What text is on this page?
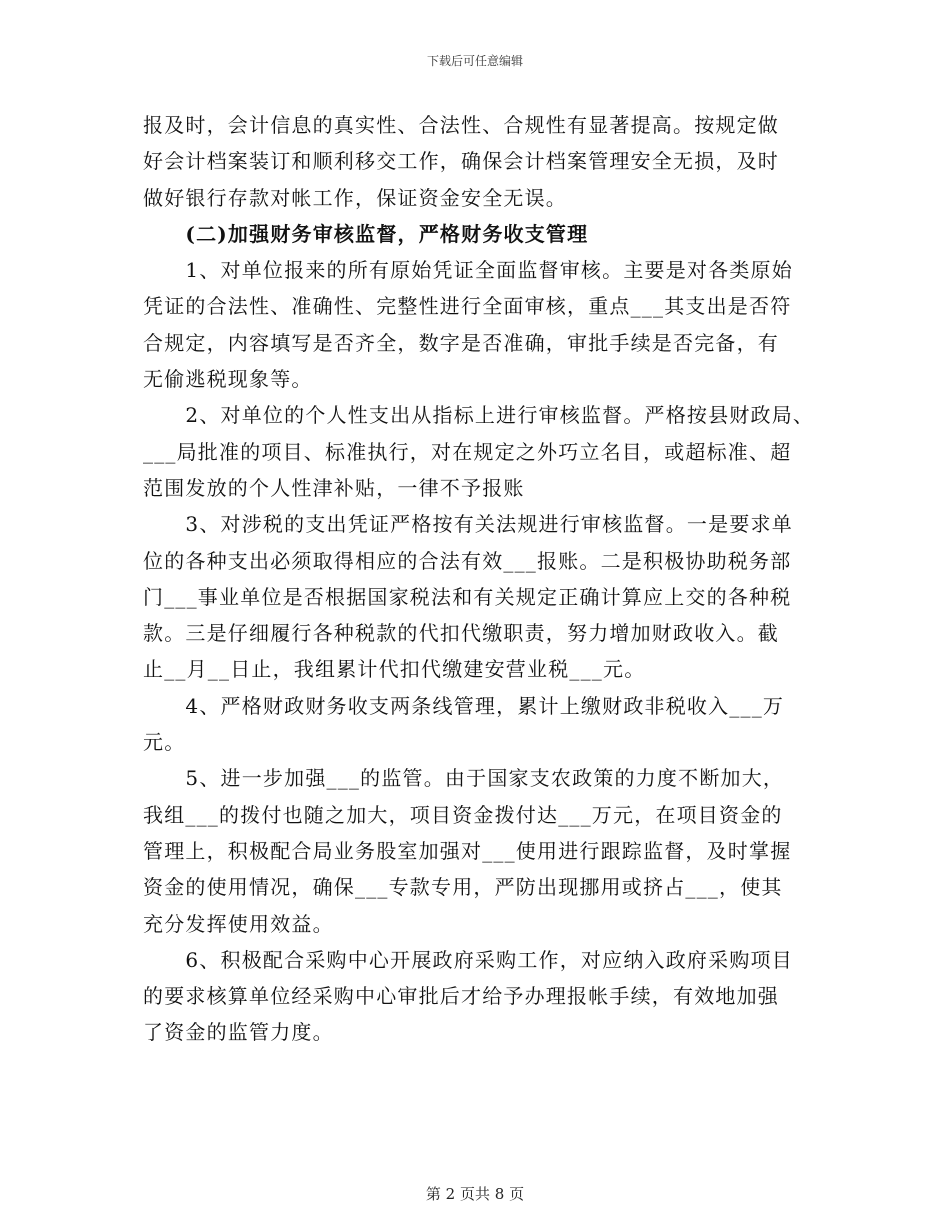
下载后可任意编辑
报及时，会计信息的真实性、合法性、合规性有显著提高。按规定做
好会计档案装订和顺利移交工作，确保会计档案管理安全无损，及时
做好银行存款对帐工作，保证资金安全无误。
　　(二)加强财务审核监督，严格财务收支管理
　　1、对单位报来的所有原始凭证全面监督审核。主要是对各类原始
凭证的合法性、准确性、完整性进行全面审核，重点___其支出是否符
合规定，内容填写是否齐全，数字是否准确，审批手续是否完备，有
无偷逃税现象等。
　　2、对单位的个人性支出从指标上进行审核监督。严格按县财政局、
___局批准的项目、标准执行，对在规定之外巧立名目，或超标准、超
范围发放的个人性津补贴，一律不予报账
　　3、对涉税的支出凭证严格按有关法规进行审核监督。一是要求单
位的各种支出必须取得相应的合法有效___报账。二是积极协助税务部
门___事业单位是否根据国家税法和有关规定正确计算应上交的各种税
款。三是仔细履行各种税款的代扣代缴职责，努力增加财政收入。截
止__月__日止，我组累计代扣代缴建安营业税___元。
　　4、严格财政财务收支两条线管理，累计上缴财政非税收入___万
元。
　　5、进一步加强___的监管。由于国家支农政策的力度不断加大，
我组___的拨付也随之加大，项目资金拨付达___万元，在项目资金的
管理上，积极配合局业务股室加强对___使用进行跟踪监督，及时掌握
资金的使用情况，确保___专款专用，严防出现挪用或挤占___，使其
充分发挥使用效益。
　　6、积极配合采购中心开展政府采购工作，对应纳入政府采购项目
的要求核算单位经采购中心审批后才给予办理报帐手续，有效地加强
了资金的监管力度。
第 2 页共 8 页
